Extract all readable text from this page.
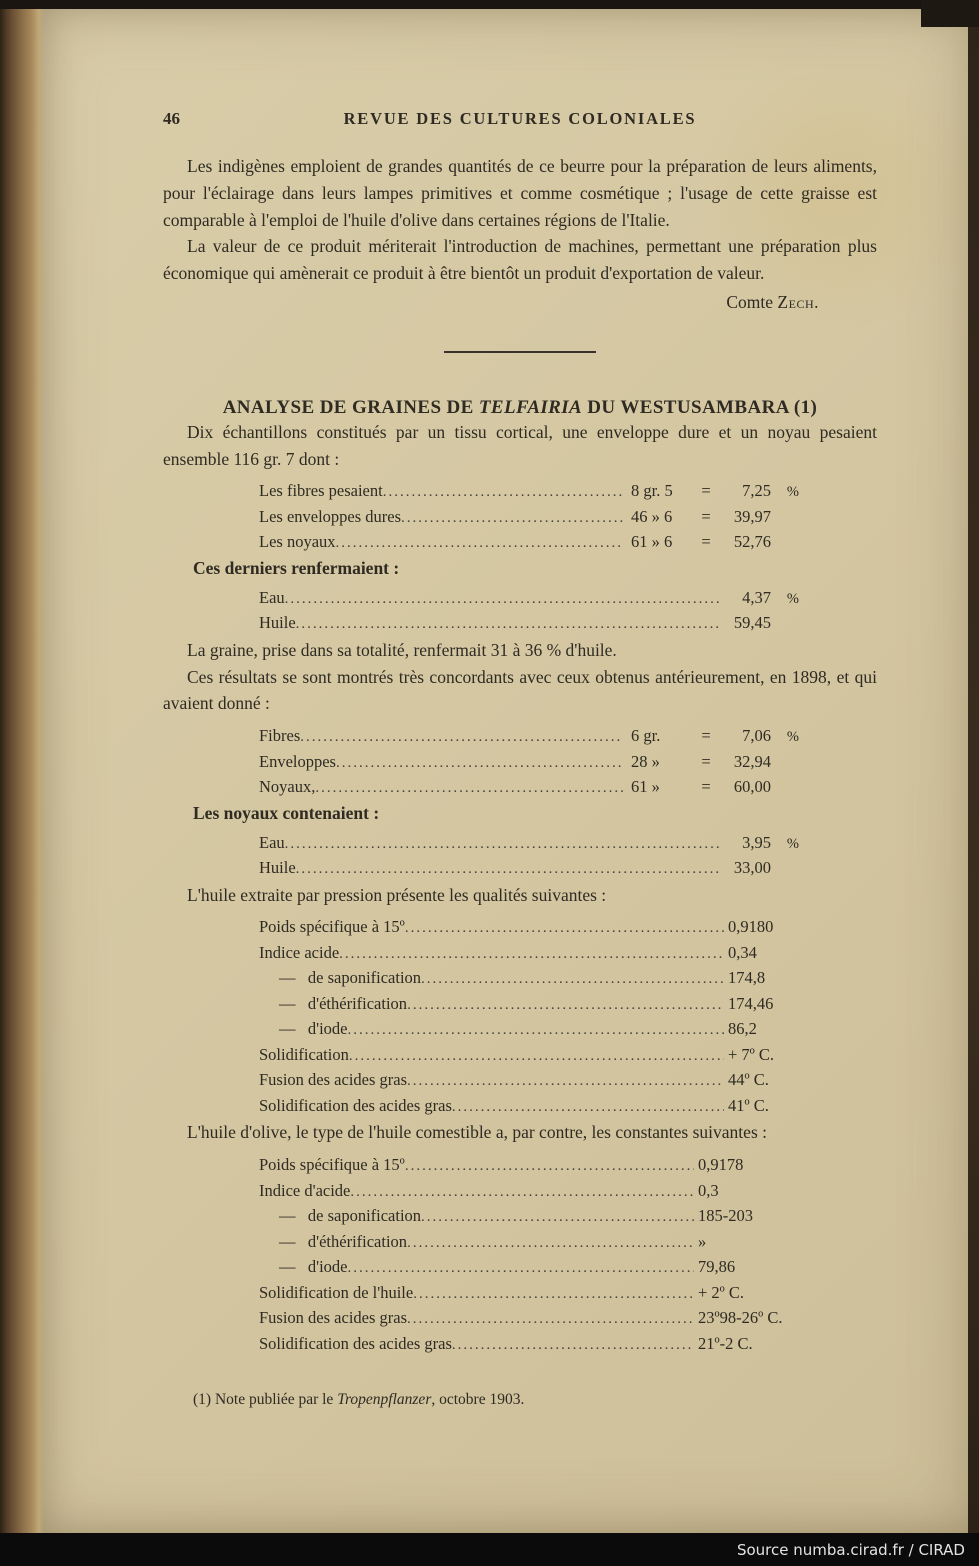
46	REVUE DES CULTURES COLONIALES

Les indigènes emploient de grandes quantités de ce beurre pour la préparation de leurs aliments, pour l'éclairage dans leurs lampes primitives et comme cosmétique ; l'usage de cette graisse est comparable à l'emploi de l'huile d'olive dans certaines régions de l'Italie.

La valeur de ce produit mériterait l'introduction de machines, permettant une préparation plus économique qui amènerait ce produit à être bientôt un produit d'exportation de valeur.

Comte Zech.
ANALYSE DE GRAINES DE TELFAIRIA DU WESTUSAMBARA (1)

Dix échantillons constitués par un tissu cortical, une enveloppe dure et un noyau pesaient ensemble 116 gr. 7 dont :

Les fibres pesaient .....	8 gr. 5	=	7,25	%
Les enveloppes dures .....	46 » 6	=	39,97
Les noyaux .....	61 » 6	=	52,76
Ces derniers renfermaient :
Eau .....	4,37	%
Huile .....	59,45

La graine, prise dans sa totalité, renfermait 31 à 36 % d'huile.

Ces résultats se sont montrés très concordants avec ceux obtenus antérieurement, en 1898, et qui avaient donné :

Fibres .....	6 gr.	=	7,06	%
Enveloppes .....	28 »	=	32,94
Noyaux, .....	61 »	=	60,00
Les noyaux contenaient :
Eau .....	3,95	%
Huile .....	33,00

L'huile extraite par pression présente les qualités suivantes :

Poids spécifique à 15º .....	0,9180
Indice acide .....	0,34
—   de saponification .....	174,8
—   d'éthérification .....	174,46
—   d'iode .....	86,2
Solidification .....	+ 7º C.
Fusion des acides gras .....	44º C.
Solidification des acides gras .....	41º C.

L'huile d'olive, le type de l'huile comestible a, par contre, les constantes suivantes :

Poids spécifique à 15º .....	0,9178
Indice d'acide .....	0,3
—   de saponification .....	185-203
—   d'éthérification .....	»
—   d'iode .....	79,86
Solidification de l'huile .....	+ 2º C.
Fusion des acides gras .....	23º98-26º C.
Solidification des acides gras .....	21º-2 C.
(1) Note publiée par le Tropenpflanzer, octobre 1903.
Source numba.cirad.fr / CIRAD
